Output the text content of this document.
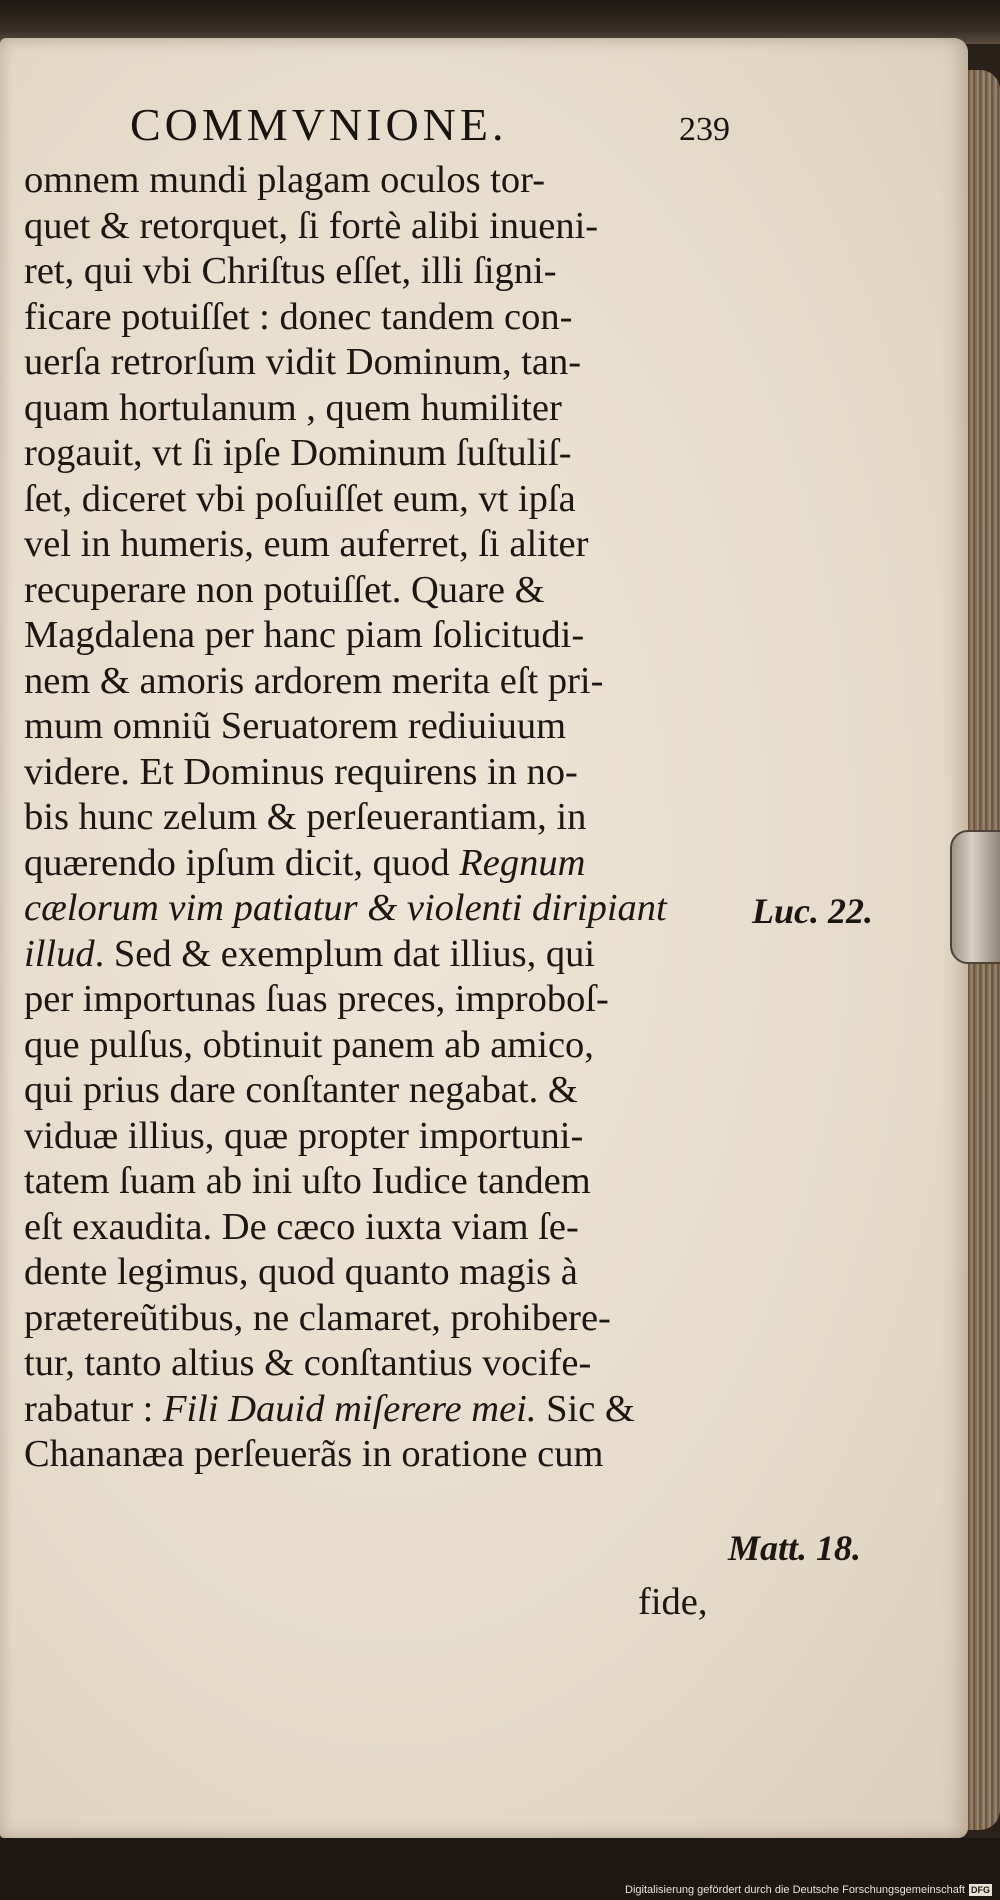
COMMVNIONE.	239
omnem mundi plagam oculos tor-
quet & retorquet, ſi fortè alibi inueni-
ret, qui vbi Chriſtus eſſet, illi ſigni-
ficare potuiſſet : donec tandem con-
uerſa retrorſum vidit Dominum, tan-
quam hortulanum , quem humiliter
rogauit, vt ſi ipſe Dominum ſuſtuliſ-
ſet, diceret vbi poſuiſſet eum, vt ipſa
vel in humeris, eum auferret, ſi aliter
recuperare non potuiſſet. Quare &
Magdalena per hanc piam ſolicitudi-
nem & amoris ardorem merita eſt pri-
mum omniũ Seruatorem rediuiuum
videre. Et Dominus requirens in no-
bis hunc zelum & perſeuerantiam, in
quærendo ipſum dicit, quod Regnum
cælorum vim patiatur & violenti diripiant
illud. Sed & exemplum dat illius, qui
per importunas ſuas preces, improboſ-
que pulſus, obtinuit panem ab amico,
qui prius dare conſtanter negabat. &
viduæ illius, quæ propter importuni-
tatem ſuam ab ini uſto Iudice tandem
eſt exaudita. De cæco iuxta viam ſe-
dente legimus, quod quanto magis à
prætereũtibus, ne clamaret, prohibere-
tur, tanto altius & conſtantius vocife-
rabatur : Fili Dauid miſerere mei. Sic &
Chananæa perſeuerãs in oratione cum
Luc. 22.
Matt. 18.
fide,
Digitalisierung gefördert durch die Deutsche Forschungsgemeinschaft DFG
